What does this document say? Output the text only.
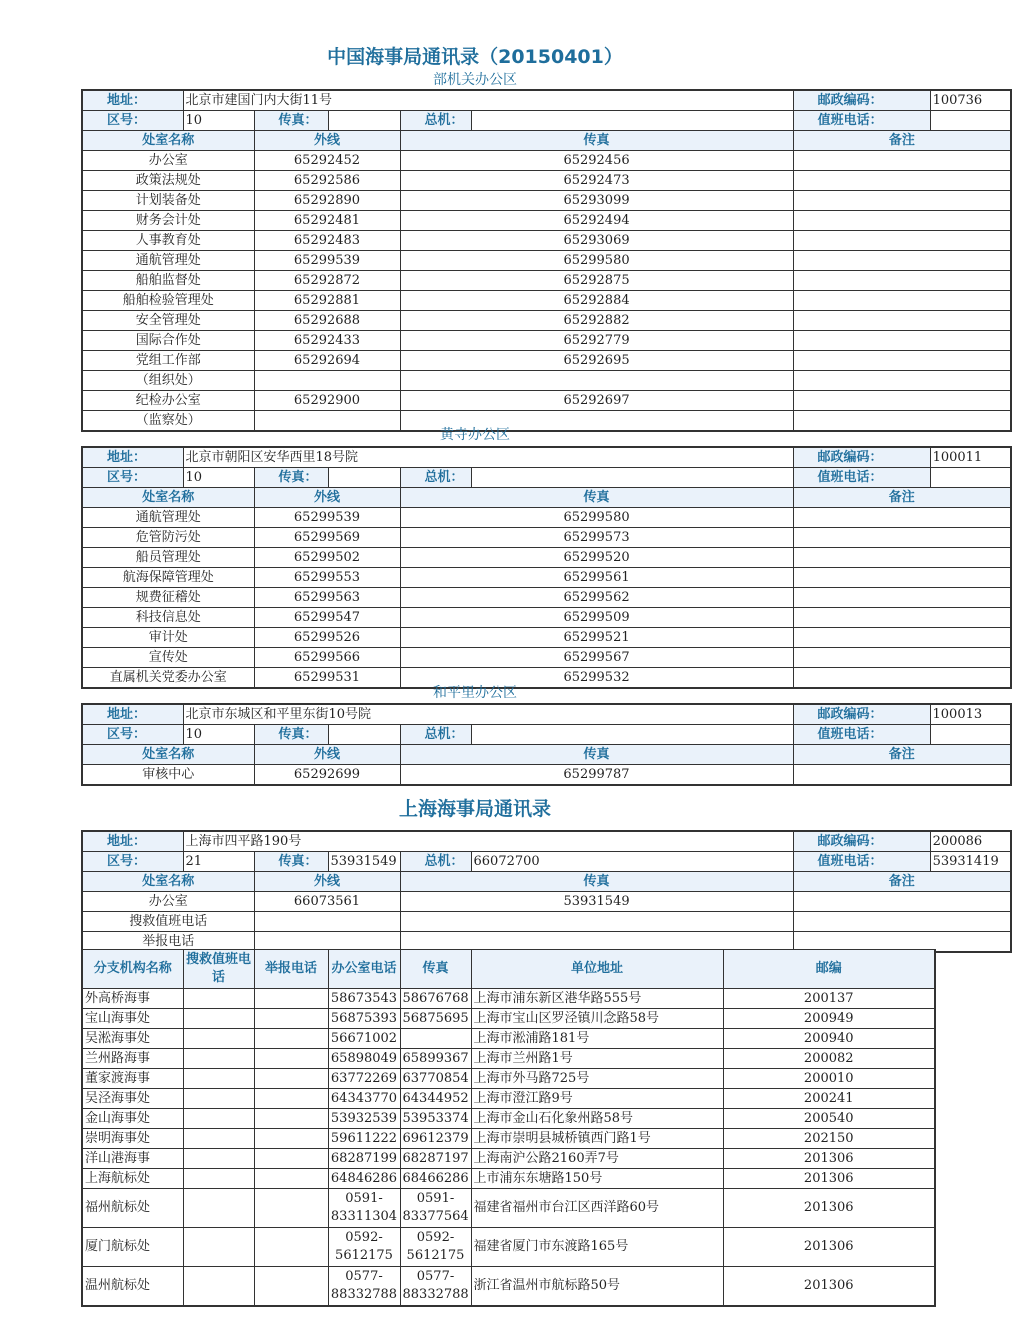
中国海事局通讯录（20150401）
部机关办公区
地址：	北京市建国门内大街11号					邮政编码：	100736
区号：	10	传真：		总机：		值班电话：	
处室名称		外线		传真		备注	
办公室		65292452		65292456			
政策法规处		65292586		65292473			
计划装备处		65292890		65293099			
财务会计处		65292481		65292494			
人事教育处		65292483		65293069			
通航管理处		65299539		65299580			
船舶监督处		65292872		65292875			
船舶检验管理处		65292881		65292884			
安全管理处		65292688		65292882			
国际合作处		65292433		65292779			
党组工作部		65292694		65292695			
（组织处）							
纪检办公室		65292900		65292697			
（监察处）							
黄寺办公区
地址：	北京市朝阳区安华西里18号院					邮政编码：	100011
区号：	10	传真：		总机：		值班电话：	
处室名称		外线		传真		备注	
通航管理处		65299539		65299580			
危管防污处		65299569		65299573			
船员管理处		65299502		65299520			
航海保障管理处		65299553		65299561			
规费征稽处		65299563		65299562			
科技信息处		65299547		65299509			
审计处		65299526		65299521			
宣传处		65299566		65299567			
直属机关党委办公室		65299531		65299532			
和平里办公区
地址：	北京市东城区和平里东街10号院					邮政编码：	100013
区号：	10	传真：		总机：		值班电话：	
处室名称		外线		传真		备注	
审核中心		65292699		65299787			
上海海事局通讯录
地址：	上海市四平路190号					邮政编码：	200086
区号：	21	传真：	53931549	总机：	66072700	值班电话：	53931419
处室名称		外线		传真		备注	
办公室		66073561		53931549			
搜救值班电话							
举报电话							
分支机构名称	搜救值班电话	举报电话	办公室电话	传真	单位地址	邮编
外高桥海事			58673543	58676768	上海市浦东新区港华路555号	200137
宝山海事处			56875393	56875695	上海市宝山区罗泾镇川念路58号	200949
吴淞海事处			56671002		上海市淞浦路181号	200940
兰州路海事			65898049	65899367	上海市兰州路1号	200082
董家渡海事			63772269	63770854	上海市外马路725号	200010
吴泾海事处			64343770	64344952	上海市澄江路9号	200241
金山海事处			53932539	53953374	上海市金山石化象州路58号	200540
崇明海事处			59611222	69612379	上海市崇明县城桥镇西门路1号	202150
洋山港海事			68287199	68287197	上海南沪公路2160弄7号	201306
上海航标处			64846286	68466286	上市浦东东塘路150号	201306
福州航标处			0591-83311304	0591-83377564	福建省福州市台江区西洋路60号	201306
厦门航标处			0592-5612175	0592-5612175	福建省厦门市东渡路165号	201306
温州航标处			0577-88332788	0577-88332788	浙江省温州市航标路50号	201306
